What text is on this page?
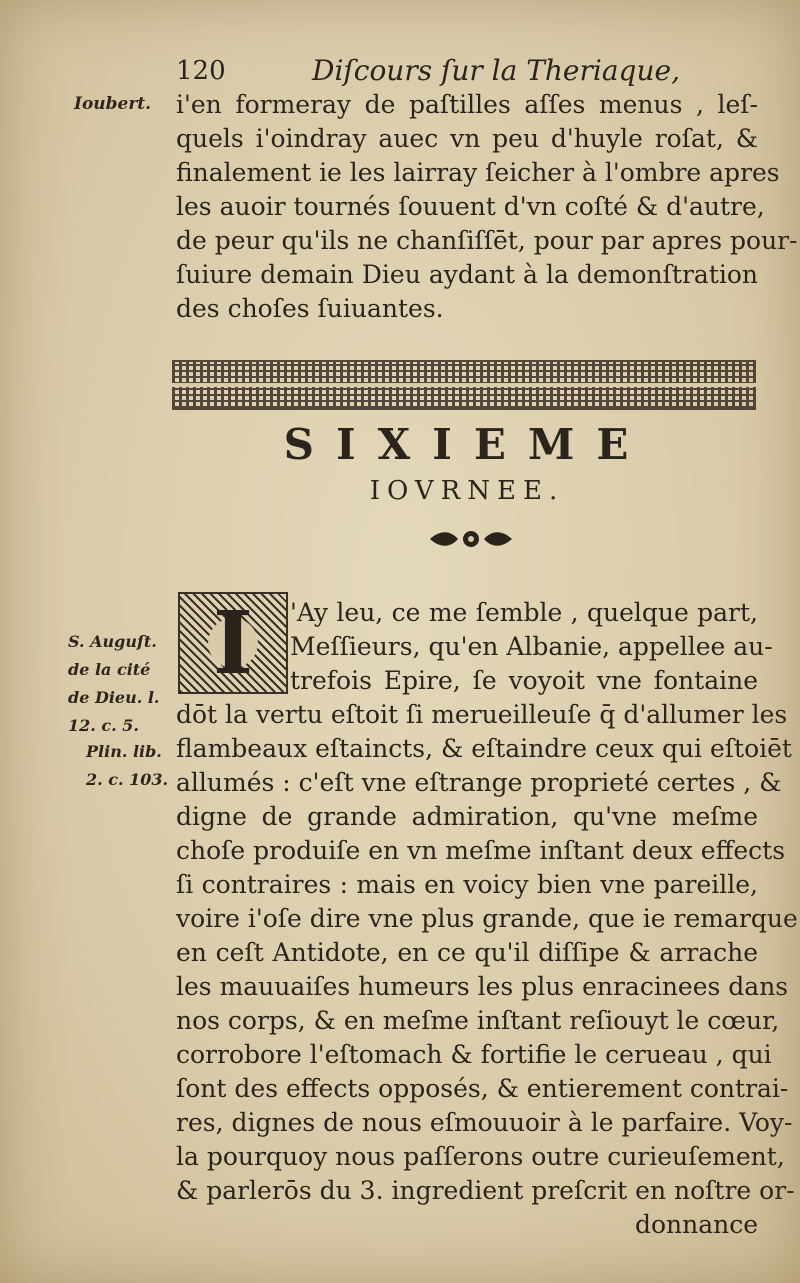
120	Diſcours ſur la Theriaque,
Ioubert. i'en formeray de paſtilles aſſes menus , leſ-
quels i'oindray auec vn peu d'huyle roſat, &
finalement ie les lairray ſeicher à l'ombre apres
les auoir tournés ſouuent d'vn coſté & d'autre,
de peur qu'ils ne chanſiſſēt, pour par apres pour-
ſuiure demain Dieu aydant à la demonſtration
des choſes ſuiuantes.
SIXIEME
IOVRNEE.
S. Auguſt.
de la cité
de Dieu. l.
12. c. 5.
Plin. lib.
2. c. 103.
I	'Ay leu, ce me ſemble , quelque part,
Meſſieurs, qu'en Albanie, appellee au-
trefois Epire, ſe voyoit vne fontaine
dōt la vertu eſtoit ſi merueilleuſe q̄ d'allumer les
flambeaux eſtaincts, & eſtaindre ceux qui eſtoiēt
allumés : c'eſt vne eſtrange proprieté certes , &
digne de grande admiration, qu'vne meſme
choſe produiſe en vn meſme inſtant deux effects
ſi contraires : mais en voicy bien vne pareille,
voire i'oſe dire vne plus grande, que ie remarque
en ceſt Antidote, en ce qu'il diſſipe & arrache
les mauuaiſes humeurs les plus enracinees dans
nos corps, & en meſme inſtant reſiouyt le cœur,
corrobore l'eſtomach & fortifie le cerueau , qui
ſont des effects opposés, & entierement contrai-
res, dignes de nous eſmouuoir à le parfaire. Voy-
la pourquoy nous paſſerons outre curieuſement,
& parlerōs du 3. ingredient preſcrit en noſtre or-
donnance
